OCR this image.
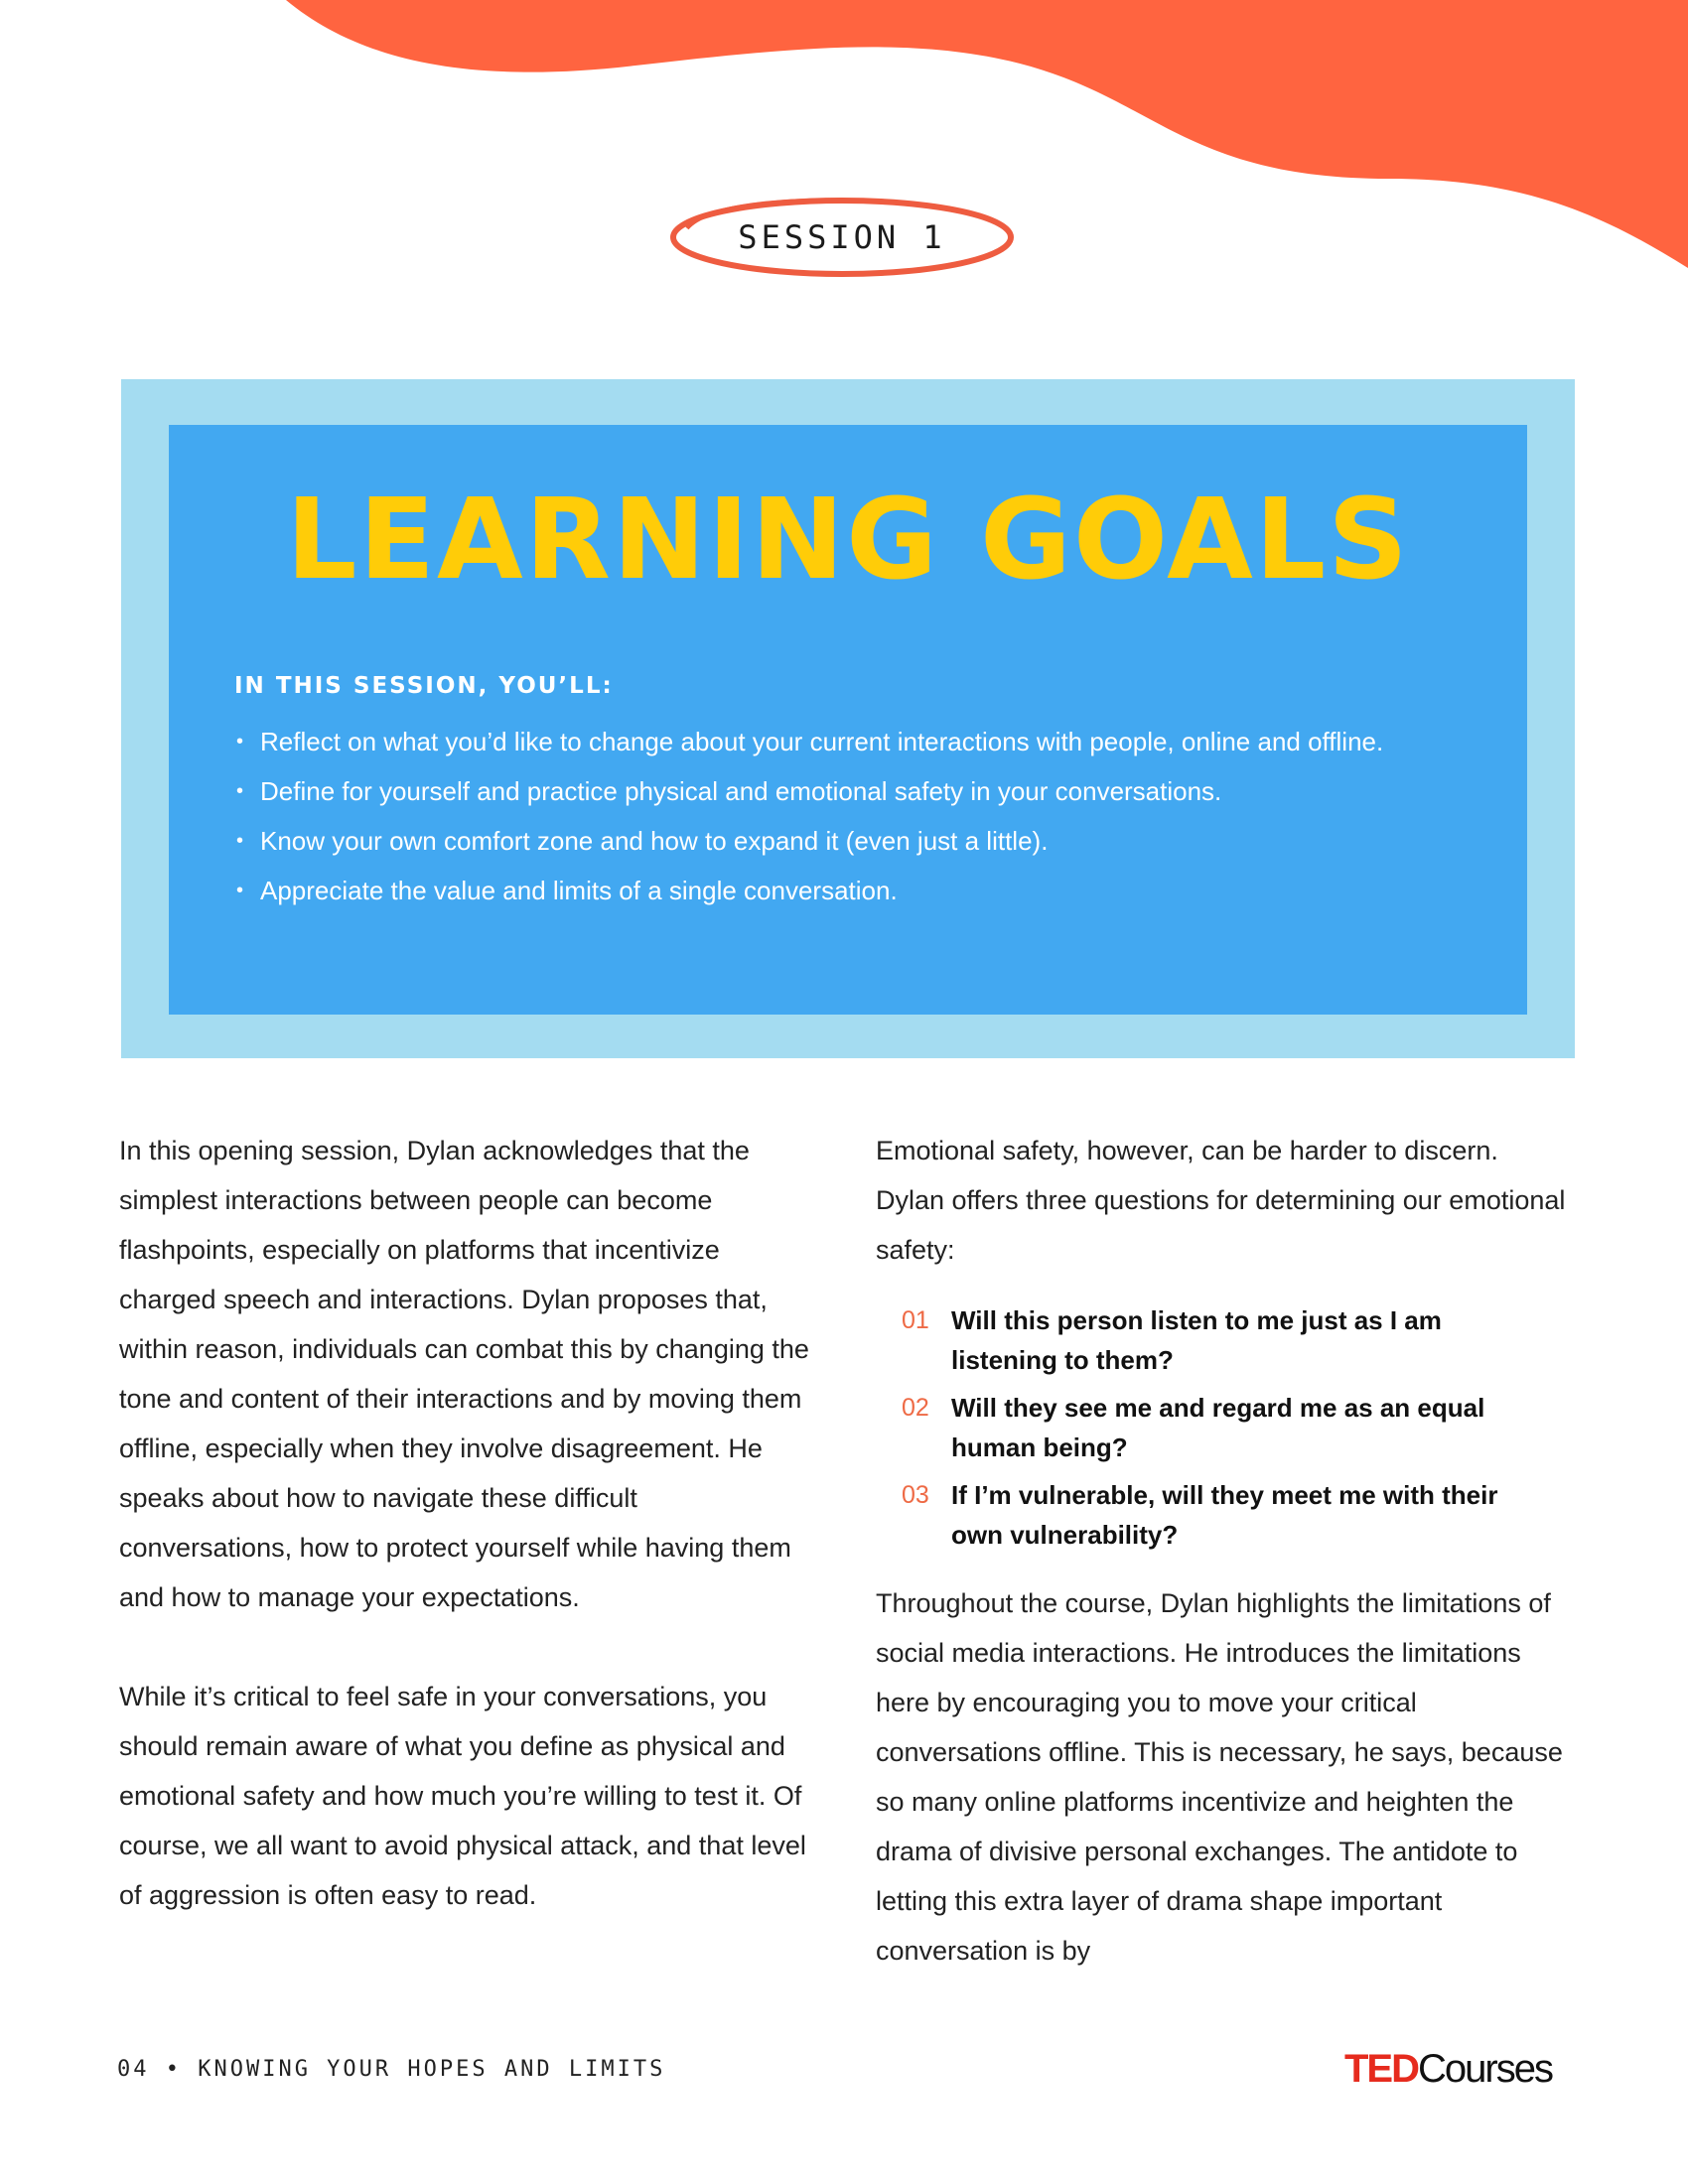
SESSION 1
LEARNING GOALS
IN THIS SESSION, YOU’LL:
• Reflect on what you’d like to change about your current interactions with people, online and offline.
• Define for yourself and practice physical and emotional safety in your conversations.
• Know your own comfort zone and how to expand it (even just a little).
• Appreciate the value and limits of a single conversation.

In this opening session, Dylan acknowledges that the simplest interactions between people can become flashpoints, especially on platforms that incentivize charged speech and interactions. Dylan proposes that, within reason, individuals can combat this by changing the tone and content of their interactions and by moving them offline, especially when they involve disagreement. He speaks about how to navigate these difficult conversations, how to protect yourself while having them and how to manage your expectations.

While it’s critical to feel safe in your conversations, you should remain aware of what you define as physical and emotional safety and how much you’re willing to test it. Of course, we all want to avoid physical attack, and that level of aggression is often easy to read.

Emotional safety, however, can be harder to discern. Dylan offers three questions for determining our emotional safety:

01 Will this person listen to me just as I am listening to them?
02 Will they see me and regard me as an equal human being?
03 If I’m vulnerable, will they meet me with their own vulnerability?

Throughout the course, Dylan highlights the limitations of social media interactions. He introduces the limitations here by encouraging you to move your critical conversations offline. This is necessary, he says, because so many online platforms incentivize and heighten the drama of divisive personal exchanges. The antidote to letting this extra layer of drama shape important conversation is by

04 • KNOWING YOUR HOPES AND LIMITS	TEDCourses
